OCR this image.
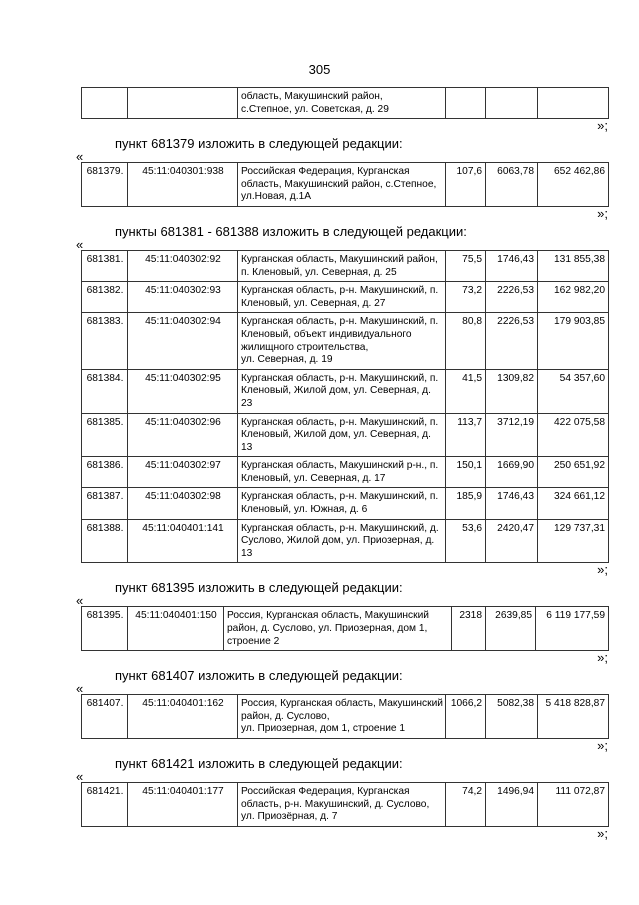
305
		область, Макушинский район,
с.Степное, ул. Советская, д. 29			
»;
пункт 681379 изложить в следующей редакции:
«
681379.	45:11:040301:938	Российская Федерация, Курганская область, Макушинский район, с.Степное, ул.Новая, д.1А	107,6	6063,78	652 462,86
»;
пункты 681381 - 681388 изложить в следующей редакции:
«
681381.	45:11:040302:92	Курганская область, Макушинский район, п. Кленовый, ул. Северная, д. 25	75,5	1746,43	131 855,38
681382.	45:11:040302:93	Курганская область, р-н. Макушинский, п. Кленовый, ул. Северная, д. 27	73,2	2226,53	162 982,20
681383.	45:11:040302:94	Курганская область, р-н. Макушинский, п. Кленовый, объект индивидуального жилищного строительства,
ул. Северная, д. 19	80,8	2226,53	179 903,85
681384.	45:11:040302:95	Курганская область, р-н. Макушинский, п. Кленовый, Жилой дом, ул. Северная, д. 23	41,5	1309,82	54 357,60
681385.	45:11:040302:96	Курганская область, р-н. Макушинский, п. Кленовый, Жилой дом, ул. Северная, д. 13	113,7	3712,19	422 075,58
681386.	45:11:040302:97	Курганская область, Макушинский р-н., п. Кленовый, ул. Северная, д. 17	150,1	1669,90	250 651,92
681387.	45:11:040302:98	Курганская область, р-н. Макушинский, п. Кленовый, ул. Южная, д. 6	185,9	1746,43	324 661,12
681388.	45:11:040401:141	Курганская область, р-н. Макушинский, д. Суслово, Жилой дом, ул. Приозерная, д. 13	53,6	2420,47	129 737,31
»;
пункт 681395 изложить в следующей редакции:
«
681395.	45:11:040401:150	Россия, Курганская область, Макушинский район, д. Суслово, ул. Приозерная, дом 1, строение 2	2318	2639,85	6 119 177,59
»;
пункт 681407 изложить в следующей редакции:
«
681407.	45:11:040401:162	Россия, Курганская область, Макушинский район, д. Суслово,
ул. Приозерная, дом 1, строение 1	1066,2	5082,38	5 418 828,87
»;
пункт 681421 изложить в следующей редакции:
«
681421.	45:11:040401:177	Российская Федерация, Курганская область, р-н. Макушинский, д. Суслово, ул. Приозёрная, д. 7	74,2	1496,94	111 072,87
»;
